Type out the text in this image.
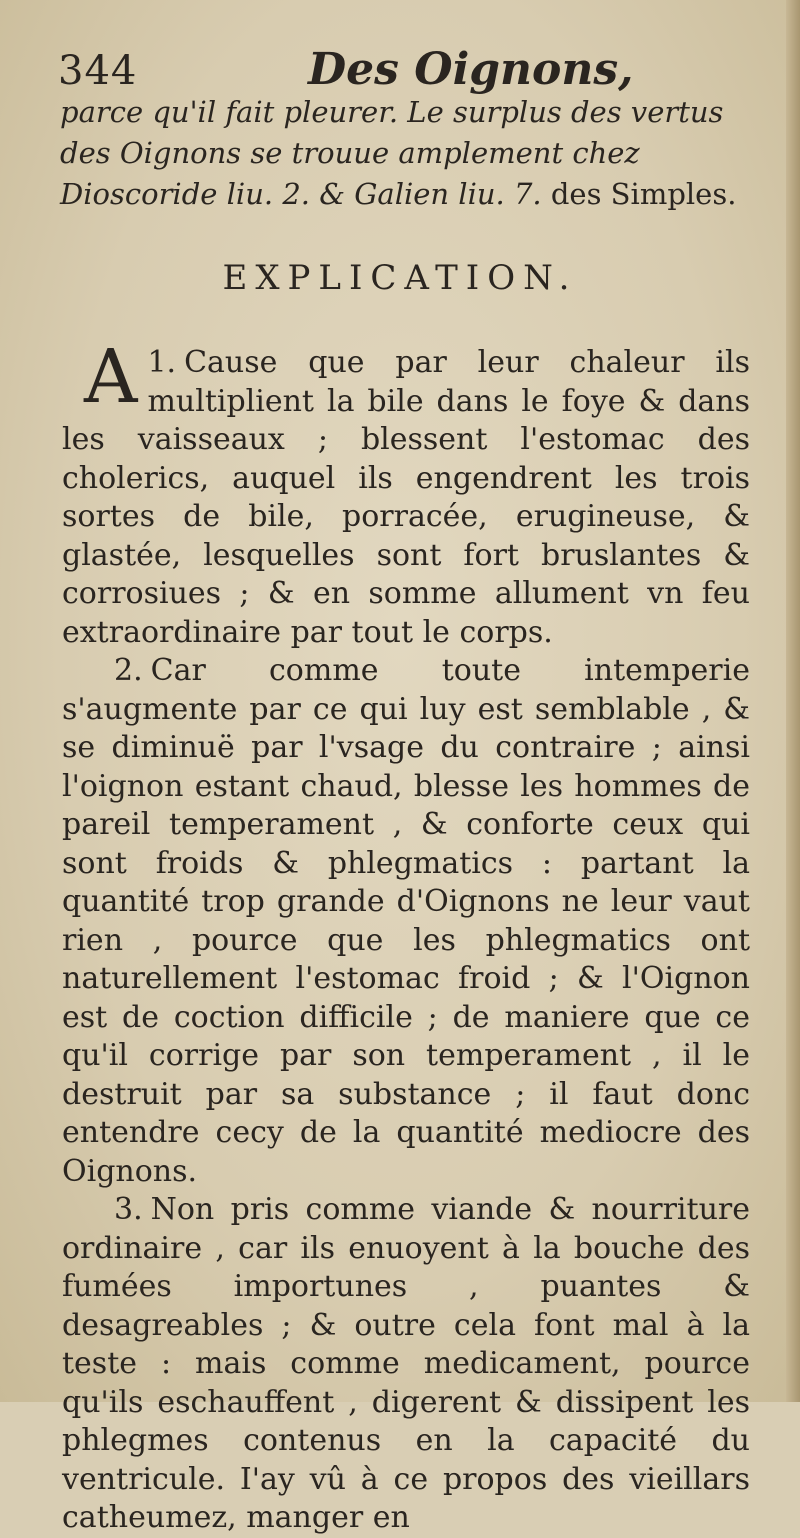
344	Des Oignons,
parce qu'il fait pleurer. Le surplus des vertus des Oignons se trouue amplement chez Dioscoride liu. 2. & Galien liu. 7. des Simples.
EXPLICATION.

1.
A Cause que par leur chaleur ils multiplient la bile dans le foye & dans les vaisseaux ; blessent l'estomac des cholerics, auquel ils engendrent les trois sortes de bile, porracée, erugineuse, & glastée, lesquelles sont fort bruslantes & corrosiues ; & en somme allument vn feu extraordinaire par tout le corps.

2. Car comme toute intemperie s'augmente par ce qui luy est semblable , & se diminuë par l'vsage du contraire ; ainsi l'oignon estant chaud, blesse les hommes de pareil temperament , & conforte ceux qui sont froids & phlegmatics : partant la quantité trop grande d'Oignons ne leur vaut rien , pource que les phlegmatics ont naturellement l'estomac froid ; & l'Oignon est de coction difficile ; de maniere que ce qu'il corrige par son temperament , il le destruit par sa substance ; il faut donc entendre cecy de la quantité mediocre des Oignons.

3. Non pris comme viande & nourriture ordinaire , car ils enuoyent à la bouche des fumées importunes , puantes & desagreables ; & outre cela font mal à la teste : mais comme medicament, pource qu'ils eschauffent , digerent & dissipent les phlegmes contenus en la capacité du ventricule. I'ay vû à ce propos des vieillars catheumez, manger en
